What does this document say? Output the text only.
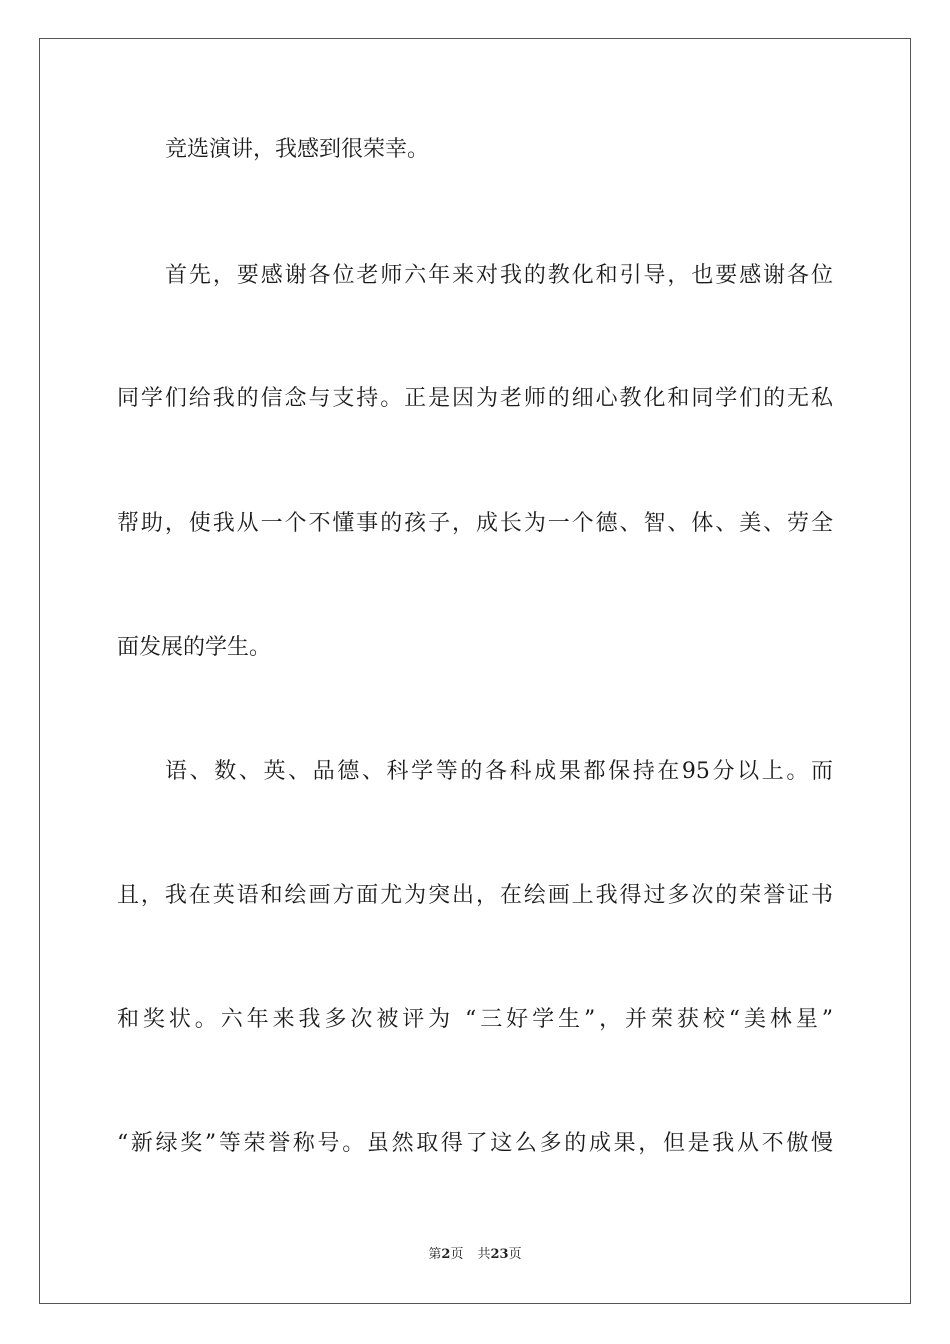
竞选演讲，我感到很荣幸。
首先，要感谢各位老师六年来对我的教化和引导，也要感谢各位
同学们给我的信念与支持。正是因为老师的细心教化和同学们的无私
帮助，使我从一个不懂事的孩子，成长为一个德、智、体、美、劳全
面发展的学生。
语、数、英、品德、科学等的各科成果都保持在95分以上。而
且，我在英语和绘画方面尤为突出，在绘画上我得过多次的荣誉证书
和奖状。六年来我多次被评为 “三好学生”，并荣获校“美林星”
“新绿奖”等荣誉称号。虽然取得了这么多的成果，但是我从不傲慢
第2页 共23页
